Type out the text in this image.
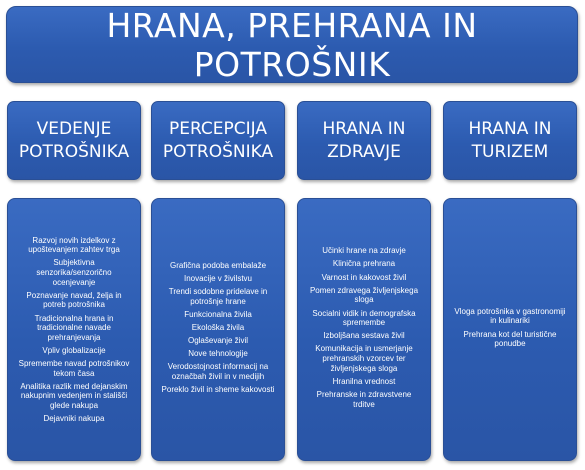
HRANA, PREHRANA IN POTROŠNIK
VEDENJE
POTROŠNIKA
Razvoj novih izdelkov z upoštevanjem zahtev trga
Subjektivna senzorika/senzorično ocenjevanje
Poznavanje navad, želja in potreb potrošnika
Tradicionalna hrana in tradicionalne navade prehranjevanja
Vpliv globalizacije
Spremembe navad potrošnikov tekom časa
Analitika razlik med dejanskim nakupnim vedenjem in stališči glede nakupa
Dejavniki nakupa
PERCEPCIJA
POTROŠNIKA
Grafična podoba embalaže
Inovacije v živilstvu
Trendi sodobne pridelave in potrošnje hrane
Funkcionalna živila
Ekološka živila
Oglaševanje živil
Nove tehnologije
Verodostojnost informacij na označbah živil in v medijih
Poreklo živil in sheme kakovosti
HRANA IN
ZDRAVJE
Učinki hrane na zdravje
Klinična prehrana
Varnost in kakovost živil
Pomen zdravega življenjskega sloga
Socialni vidik in demografska spremembe
Izboljšana sestava živil
Komunikacija in usmerjanje prehranskih vzorcev ter življenjskega sloga
Hranilna vrednost
Prehranske in zdravstvene trditve
HRANA IN
TURIZEM
Vloga potrošnika v gastronomiji in kulinariki
Prehrana kot del turistične ponudbe
